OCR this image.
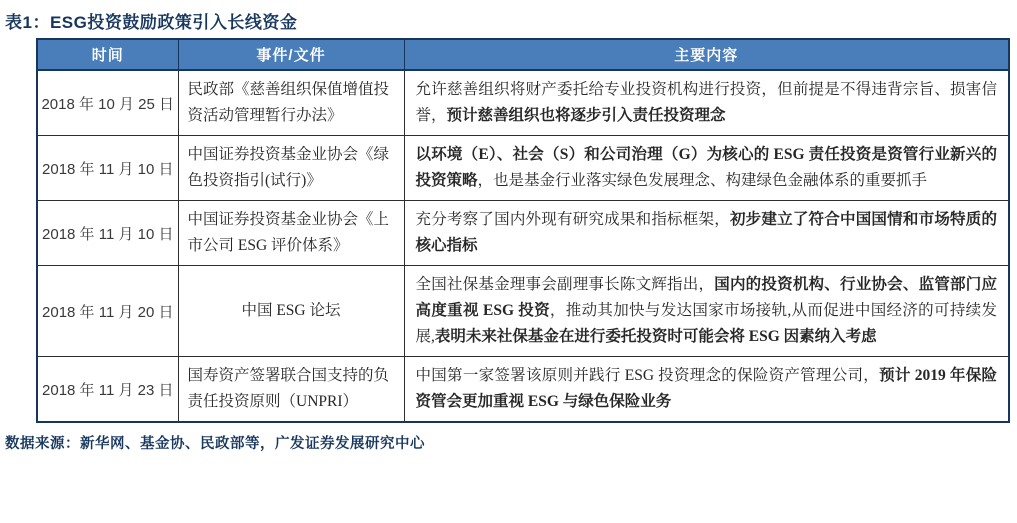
表1：ESG投资鼓励政策引入长线资金
时间	事件/文件	主要内容
2018 年 10 月 25 日	民政部《慈善组织保值增值投资活动管理暂行办法》	允许慈善组织将财产委托给专业投资机构进行投资，但前提是不得违背宗旨、损害信誉，预计慈善组织也将逐步引入责任投资理念
2018 年 11 月 10 日	中国证券投资基金业协会《绿色投资指引(试行)》	以环境（E）、社会（S）和公司治理（G）为核心的 ESG 责任投资是资管行业新兴的投资策略，也是基金行业落实绿色发展理念、构建绿色金融体系的重要抓手
2018 年 11 月 10 日	中国证券投资基金业协会《上市公司 ESG 评价体系》	充分考察了国内外现有研究成果和指标框架，初步建立了符合中国国情和市场特质的核心指标
2018 年 11 月 20 日	中国 ESG 论坛	全国社保基金理事会副理事长陈文辉指出，国内的投资机构、行业协会、监管部门应高度重视 ESG 投资，推动其加快与发达国家市场接轨,从而促进中国经济的可持续发展,表明未来社保基金在进行委托投资时可能会将 ESG 因素纳入考虑
2018 年 11 月 23 日	国寿资产签署联合国支持的负责任投资原则（UNPRI）	中国第一家签署该原则并践行 ESG 投资理念的保险资产管理公司，预计 2019 年保险资管会更加重视 ESG 与绿色保险业务
数据来源：新华网、基金协、民政部等，广发证券发展研究中心
